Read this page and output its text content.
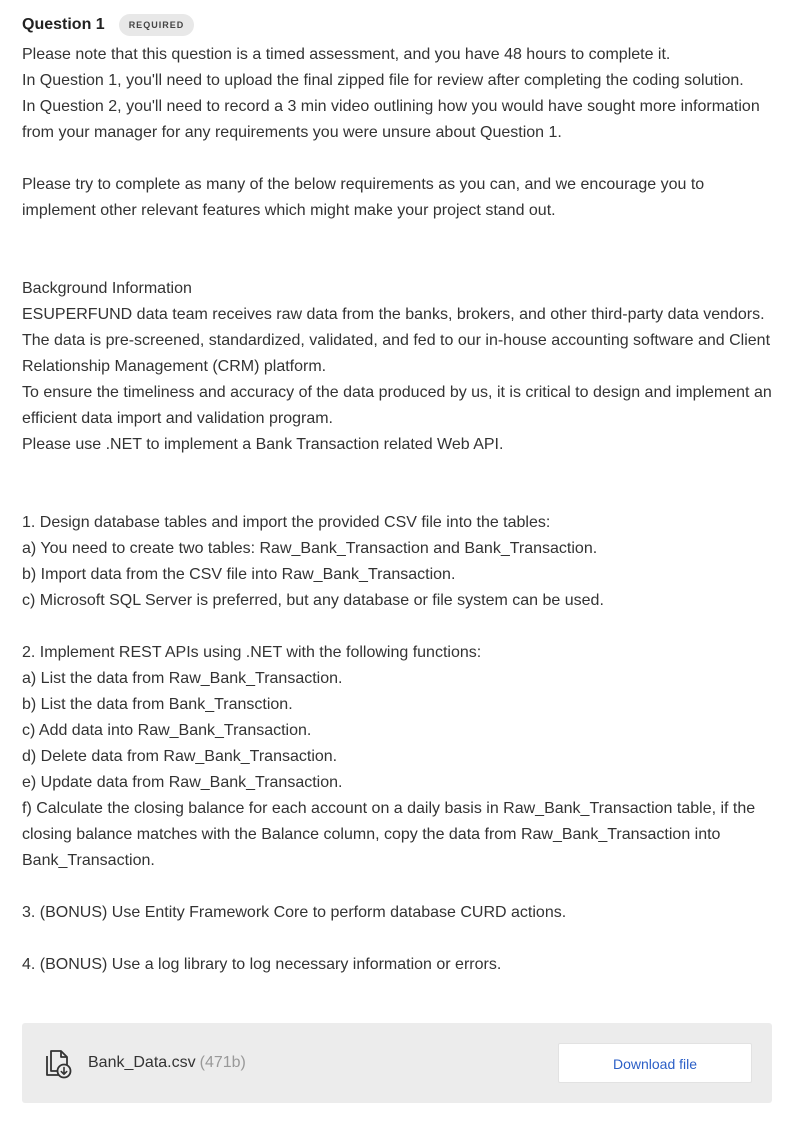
Question 1	REQUIRED

Please note that this question is a timed assessment, and you have 48 hours to complete it.

In Question 1, you'll need to upload the final zipped file for review after completing the coding solution.

In Question 2, you'll need to record a 3 min video outlining how you would have sought more information from your manager for any requirements you were unsure about Question 1.

Please try to complete as many of the below requirements as you can, and we encourage you to implement other relevant features which might make your project stand out.

Background Information

ESUPERFUND data team receives raw data from the banks, brokers, and other third-party data vendors. The data is pre-screened, standardized, validated, and fed to our in-house accounting software and Client Relationship Management (CRM) platform.

To ensure the timeliness and accuracy of the data produced by us, it is critical to design and implement an efficient data import and validation program.

Please use .NET to implement a Bank Transaction related Web API.

1. Design database tables and import the provided CSV file into the tables:

a) You need to create two tables: Raw_Bank_Transaction and Bank_Transaction.

b) Import data from the CSV file into Raw_Bank_Transaction.

c) Microsoft SQL Server is preferred, but any database or file system can be used.

2. Implement REST APIs using .NET with the following functions:

a) List the data from Raw_Bank_Transaction.

b) List the data from Bank_Transction.

c) Add data into Raw_Bank_Transaction.

d) Delete data from Raw_Bank_Transaction.

e) Update data from Raw_Bank_Transaction.

f) Calculate the closing balance for each account on a daily basis in Raw_Bank_Transaction table, if the closing balance matches with the Balance column, copy the data from Raw_Bank_Transaction into Bank_Transaction.

3. (BONUS) Use Entity Framework Core to perform database CURD actions.

4. (BONUS) Use a log library to log necessary information or errors.

Bank_Data.csv (471b)	Download file
